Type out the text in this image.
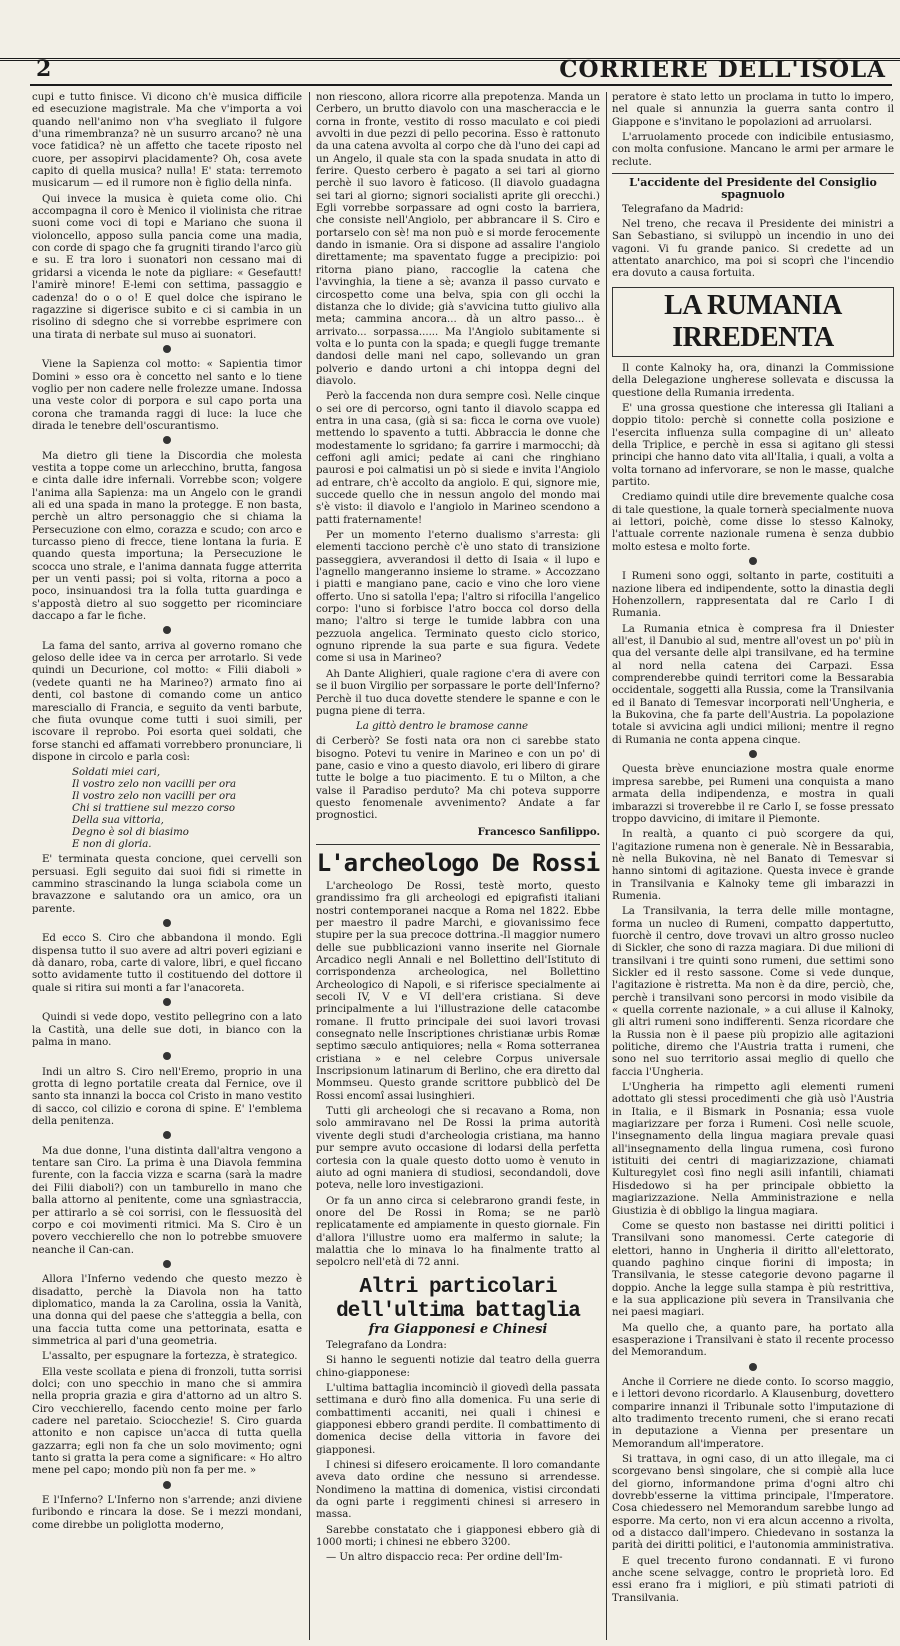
2	CORRIERE DELL'ISOLA

cupi e tutto finisce. Vi dicono ch'è musica difficile ed esecuzione magistrale. Ma che v'importa a voi quando nell'animo non v'ha svegliato il fulgore d'una rimembranza? nè un susurro arcano? nè una voce fatidica? nè un affetto che tacete riposto nel cuore, per assopirvi placidamente? Oh, cosa avete capito di quella musica? nulla! E' stata: terremoto musicarum — ed il rumore non è figlio della ninfa.

Qui invece la musica è quieta come olio. Chi accompagna il coro è Menico il violinista che ritrae suoni come voci di topi e Mariano che suona il violoncello, apposo sulla pancia come una madia, con corde di spago che fa grugniti tirando l'arco giù e su. E tra loro i suonatori non cessano mai di gridarsi a vicenda le note da pigliare: « Gesefautt! l'amirè minore! E-lemi con settima, passaggio e cadenza! do o o o! E quel dolce che ispirano le ragazzine si digerisce subito e ci si cambia in un risolino di sdegno che si vorrebbe esprimere con una tirata di nerbate sul muso ai suonatori.

Viene la Sapienza col motto: « Sapientia timor Domini » esso ora è concetto nel santo e lo tiene voglio per non cadere nelle frolezze umane. Indossa una veste color di porpora e sul capo porta una corona che tramanda raggi di luce: la luce che dirada le tenebre dell'oscurantismo.

Ma dietro gli tiene la Discordia che molesta vestita a toppe come un arlecchino, brutta, fangosa e cinta dalle idre infernali. Vorrebbe scon; volgere l'anima alla Sapienza: ma un Angelo con le grandi ali ed una spada in mano la protegge. E non basta, perchè un altro personaggio che si chiama la Persecuzione con elmo, corazza e scudo; con arco e turcasso pieno di frecce, tiene lontana la furia. E quando questa importuna; la Persecuzione le scocca uno strale, e l'anima dannata fugge atterrita per un venti passi; poi si volta, ritorna a poco a poco, insinuandosi tra la folla tutta guardinga e s'appostà dietro al suo soggetto per ricominciare daccapo a far le fiche.

La fama del santo, arriva al governo romano che geloso delle idee va in cerca per arrotarlo. Si vede quindi un Decurione, col motto: « Filii diaboli » (vedete quanti ne ha Marineo?) armato fino ai denti, col bastone di comando come un antico maresciallo di Francia, e seguito da venti barbute, che fiuta ovunque come tutti i suoi simili, per iscovare il reprobo. Poi esorta quei soldati, che forse stanchi ed affamati vorrebbero pronunciare, li dispone in circolo e parla così:

Soldati miei cari,
Il vostro zelo non vacilli per ora
Il vostro zelo non vacilli per ora
Chi si trattiene sul mezzo corso
Della sua vittoria,
Degno è sol di biasimo
E non di gloria.

E' terminata questa concione, quei cervelli son persuasi. Egli seguito dai suoi fidi si rimette in cammino strascinando la lunga sciabola come un bravazzone e salutando ora un amico, ora un parente.

Ed ecco S. Ciro che abbandona il mondo. Egli dispensa tutto il suo avere ad altri poveri egiziani e dà danaro, roba, carte di valore, libri, e quel ficcano sotto avidamente tutto il costituendo del dottore il quale si ritira sui monti a far l'anacoreta.

Quindi si vede dopo, vestito pellegrino con a lato la Castità, una delle sue doti, in bianco con la palma in mano.

Indi un altro S. Ciro nell'Eremo, proprio in una grotta di legno portatile creata dal Fernice, ove il santo sta innanzi la bocca col Cristo in mano vestito di sacco, col cilizio e corona di spine. E' l'emblema della penitenza.

Ma due donne, l'una distinta dall'altra vengono a tentare san Ciro. La prima è una Diavola femmina furente, con la faccia vizza e scarna (sarà la madre dei Filii diaboli?) con un tamburello in mano che balla attorno al penitente, come una sgnìastraccia, per attirarlo a sè coi sorrisi, con le flessuosità del corpo e coi movimenti ritmici. Ma S. Ciro è un povero vecchierello che non lo potrebbe smuovere neanche il Can-can.

Allora l'Inferno vedendo che questo mezzo è disadatto, perchè la Diavola non ha tatto diplomatico, manda la za Carolina, ossia la Vanità, una donna qui del paese che s'atteggia a bella, con una faccia tutta come una pettorinata, esatta e simmetrica al pari d'una geometria.

L'assalto, per espugnare la fortezza, è strategico.

Ella veste scollata e piena di fronzoli, tutta sorrisi dolci; con uno specchio in mano che si ammira nella propria grazia e gira d'attorno ad un altro S. Ciro vecchierello, facendo cento moine per farlo cadere nel paretaio. Sciocchezie! S. Ciro guarda attonito e non capisce un'acca di tutta quella gazzarra; egli non fa che un solo movimento; ogni tanto si gratta la pera come a significare: « Ho altro mene pel capo; mondo più non fa per me. »

E l'Inferno? L'Inferno non s'arrende; anzi diviene furibondo e rincara la dose. Se i mezzi mondani, come direbbe un poliglotta moderno,

non riescono, allora ricorre alla prepotenza. Manda un Cerbero, un brutto diavolo con una mascheraccia e le corna in fronte, vestito di rosso maculato e coi piedi avvolti in due pezzi di pello pecorina. Esso è rattonuto da una catena avvolta al corpo che dà l'uno dei capi ad un Angelo, il quale sta con la spada snudata in atto di ferire. Questo cerbero è pagato a sei tari al giorno perchè il suo lavoro è faticoso. (Il diavolo guadagna sei tari al giorno; signori socialisti aprite gli orecchi.) Egli vorrebbe sorpassare ad ogni costo la barriera, che consiste nell'Angiolo, per abbrancare il S. Ciro e portarselo con sè! ma non può e si morde ferocemente dando in ismanie. Ora si dispone ad assalire l'angiolo direttamente; ma spaventato fugge a precipizio: poi ritorna piano piano, raccoglie la catena che l'avvinghia, la tiene a sè; avanza il passo curvato e circospetto come una belva, spia con gli occhi la distanza che lo divide; già s'avvicina tutto giulivo alla meta; cammina ancora... dà un altro passo... è arrivato... sorpassa...... Ma l'Angiolo subitamente si volta e lo punta con la spada; e quegli fugge tremante dandosi delle mani nel capo, sollevando un gran polverio e dando urtoni a chi intoppa degni del diavolo.

Però la faccenda non dura sempre così. Nelle cinque o sei ore di percorso, ogni tanto il diavolo scappa ed entra in una casa, (già si sa: ficca le corna ove vuole) mettendo lo spavento a tutti. Abbraccia le donne che modestamente lo sgridano; fa garrire i marmocchi; dà ceffoni agli amici; pedate ai cani che ringhiano paurosi e poi calmatisi un pò si siede e invita l'Angiolo ad entrare, ch'è accolto da angiolo. E qui, signore mie, succede quello che in nessun angolo del mondo mai s'è visto: il diavolo e l'angiolo in Marineo scendono a patti fraternamente!

Per un momento l'eterno dualismo s'arresta: gli elementi tacciono perchè c'è uno stato di transizione passeggiera, avverandosi il detto di Isaia « il lupo e l'agnello mangeranno insieme lo strame. » Accozzano i piatti e mangiano pane, cacio e vino che loro viene offerto. Uno si satolla l'epa; l'altro si rifocilla l'angelico corpo: l'uno si forbisce l'atro bocca col dorso della mano; l'altro si terge le tumide labbra con una pezzuola angelica. Terminato questo ciclo storico, ognuno riprende la sua parte e sua figura. Vedete come si usa in Marineo?

Ah Dante Alighieri, quale ragione c'era di avere con se il buon Virgilio per sorpassare le porte dell'Inferno? Perchè il tuo duca dovette stendere le spanne e con le pugna piene di terra.

La gittò dentro le bramose canne

di Cerberò? Se fosti nata ora non ci sarebbe stato bisogno. Potevi tu venire in Marineo e con un po' di pane, casio e vino a questo diavolo, eri libero di girare tutte le bolge a tuo piacimento. E tu o Milton, a che valse il Paradiso perduto? Ma chi poteva supporre questo fenomenale avvenimento? Andate a far prognostici.

Francesco Sanfilippo.
L'archeologo De Rossi

L'archeologo De Rossi, testè morto, questo grandissimo fra gli archeologi ed epigrafisti italiani nostri contemporanei nacque a Roma nel 1822. Ebbe per maestro il padre Marchi, e giovanissimo fece stupire per la sua precoce dottrina.-Il maggior numero delle sue pubblicazioni vanno inserite nel Giornale Arcadico negli Annali e nel Bollettino dell'Istituto di corrispondenza archeologica, nel Bollettino Archeologico di Napoli, e si riferisce specialmente ai secoli IV, V e VI dell'era cristiana. Si deve principalmente a lui l'illustrazione delle catacombe romane. Il frutto principale dei suoi lavori trovasi consegnato nelle Inscriptiones christianæ urbis Romæ septimo sæculo antiquiores; nella « Roma sotterranea cristiana » e nel celebre Corpus universale Inscripsionum latinarum di Berlino, che era diretto dal Mommseu. Questo grande scrittore pubblicò del De Rossi encomî assai lusinghieri.

Tutti gli archeologi che si recavano a Roma, non solo ammiravano nel De Rossi la prima autorità vivente degli studi d'archeologia cristiana, ma hanno pur sempre avuto occasione di lodarsi della perfetta cortesia con la quale questo dotto uomo è venuto in aiuto ad ogni maniera di studiosi, secondandoli, dove poteva, nelle loro investigazioni.

Or fa un anno circa si celebrarono grandi feste, in onore del De Rossi in Roma; se ne parlò replicatamente ed ampiamente in questo giornale. Fin d'allora l'illustre uomo era malfermo in salute; la malattia che lo minava lo ha finalmente tratto al sepolcro nell'età di 72 anni.

Altri particolari dell'ultima battaglia
fra Giapponesi e Chinesi

Telegrafano da Londra:

Si hanno le seguenti notizie dal teatro della guerra chino-giapponese:

L'ultima battaglia incominciò il giovedì della passata settimana e durò fino alla domenica. Fu una serie di combattimenti accaniti, nei quali i chinesi e giapponesi ebbero grandi perdite. Il combattimento di domenica decise della vittoria in favore dei giapponesi.

I chinesi si difesero eroicamente. Il loro comandante aveva dato ordine che nessuno si arrendesse. Nondimeno la mattina di domenica, vistisi circondati da ogni parte i reggimenti chinesi si arresero in massa.

Sarebbe constatato che i giapponesi ebbero già di 1000 morti; i chinesi ne ebbero 3200.

— Un altro dispaccio reca: Per ordine dell'Im-

peratore è stato letto un proclama in tutto lo impero, nel quale si annunzia la guerra santa contro il Giappone e s'invitano le popolazioni ad arruolarsi.

L'arruolamento procede con indicibile entusiasmo, con molta confusione. Mancano le armi per armare le reclute.

L'accidente del Presidente del Consiglio spagnuolo

Telegrafano da Madrid:

Nel treno, che recava il Presidente dei ministri a San Sebastiano, si sviluppò un incendio in uno dei vagoni. Vi fu grande panico. Si credette ad un attentato anarchico, ma poi si scoprì che l'incendio era dovuto a causa fortuita.

LA RUMANIA IRREDENTA

Il conte Kalnoky ha, ora, dinanzi la Commissione della Delegazione ungherese sollevata e discussa la questione della Rumania irredenta.

E' una grossa questione che interessa gli Italiani a doppio titolo: perchè si connette colla posizione e l'esercita influenza sulla compagine di un' alleato della Triplice, e perchè in essa si agitano gli stessi principi che hanno dato vita all'Italia, i quali, a volta a volta tornano ad infervorare, se non le masse, qualche partito.

Crediamo quindi utile dire brevemente qualche cosa di tale questione, la quale tornerà specialmente nuova ai lettori, poichè, come disse lo stesso Kalnoky, l'attuale corrente nazionale rumena è senza dubbio molto estesa e molto forte.

I Rumeni sono oggi, soltanto in parte, costituiti a nazione libera ed indipendente, sotto la dinastia degli Hohenzollern, rappresentata dal re Carlo I di Rumania.

La Rumania etnica è compresa fra il Dniester all'est, il Danubio al sud, mentre all'ovest un po' più in qua del versante delle alpi transilvane, ed ha termine al nord nella catena dei Carpazi. Essa comprenderebbe quindi territori come la Bessarabia occidentale, soggetti alla Russia, come la Transilvania ed il Banato di Temesvar incorporati nell'Ungheria, e la Bukovina, che fa parte dell'Austria. La popolazione totale si avvicina agli undici milioni; mentre il regno di Rumania ne conta appena cinque.

Questa brève enunciazione mostra quale enorme impresa sarebbe, pei Rumeni una conquista a mano armata della indipendenza, e mostra in quali imbarazzi si troverebbe il re Carlo I, se fosse pressato troppo davvicino, di imitare il Piemonte.

In realtà, a quanto ci può scorgere da qui, l'agitazione rumena non è generale. Nè in Bessarabia, nè nella Bukovina, nè nel Banato di Temesvar si hanno sintomi di agitazione. Questa invece è grande in Transilvania e Kalnoky teme gli imbarazzi in Rumenia.

La Transilvania, la terra delle mille montagne, forma un nucleo di Rumeni, compatto dappertutto, fuorchè il centro, dove trovavi un altro grosso nucleo di Sickler, che sono di razza magiara. Di due milioni di transilvani i tre quinti sono rumeni, due settimi sono Sickler ed il resto sassone. Come si vede dunque, l'agitazione è ristretta. Ma non è da dire, perciò, che, perchè i transilvani sono percorsi in modo visibile da « quella corrente nazionale, » a cui alluse il Kalnoky, gli altri rumeni sono indifferenti. Senza ricordare che la Russia non è il paese più propizio alle agitazioni politiche, diremo che l'Austria tratta i rumeni, che sono nel suo territorio assai meglio di quello che faccia l'Ungheria.

L'Ungheria ha rimpetto agli elementi rumeni adottato gli stessi procedimenti che già usò l'Austria in Italia, e il Bismark in Posnania; essa vuole magiarizzare per forza i Rumeni. Così nelle scuole, l'insegnamento della lingua magiara prevale quasi all'insegnamento della lingua rumena, così furono istituiti dei centri di magiarizzazione, chiamati Kulturegylet così fino negli asili infantili, chiamati Hisdedowo si ha per principale obbietto la magiarizzazione. Nella Amministrazione e nella Giustizia è di obbligo la lingua magiara.

Come se questo non bastasse nei diritti politici i Transilvani sono manomessi. Certe categorie di elettori, hanno in Ungheria il diritto all'elettorato, quando paghino cinque fiorini di imposta; in Transilvania, le stesse categorie devono pagarne il doppio. Anche la legge sulla stampa è più restrittiva, e la sua applicazione più severa in Transilvania che nei paesi magiari.

Ma quello che, a quanto pare, ha portato alla esasperazione i Transilvani è stato il recente processo del Memorandum.

Anche il Corriere ne diede conto. Io scorso maggio, e i lettori devono ricordarlo. A Klausenburg, dovettero comparire innanzi il Tribunale sotto l'imputazione di alto tradimento trecento rumeni, che si erano recati in deputazione a Vienna per presentare un Memorandum all'imperatore.

Si trattava, in ogni caso, di un atto illegale, ma ci scorgevano bensì singolare, che si compiè alla luce del giorno, informandone prima d'ogni altro chi dovrebb'esserne la vittima principale, l'Imperatore. Cosa chiedessero nel Memorandum sarebbe lungo ad esporre. Ma certo, non vi era alcun accenno a rivolta, od a distacco dall'impero. Chiedevano in sostanza la parità dei diritti politici, e l'autonomia amministrativa.

E quel trecento furono condannati. E vi furono anche scene selvagge, contro le proprietà loro. Ed essi erano fra i migliori, e più stimati patrioti di Transilvania.
